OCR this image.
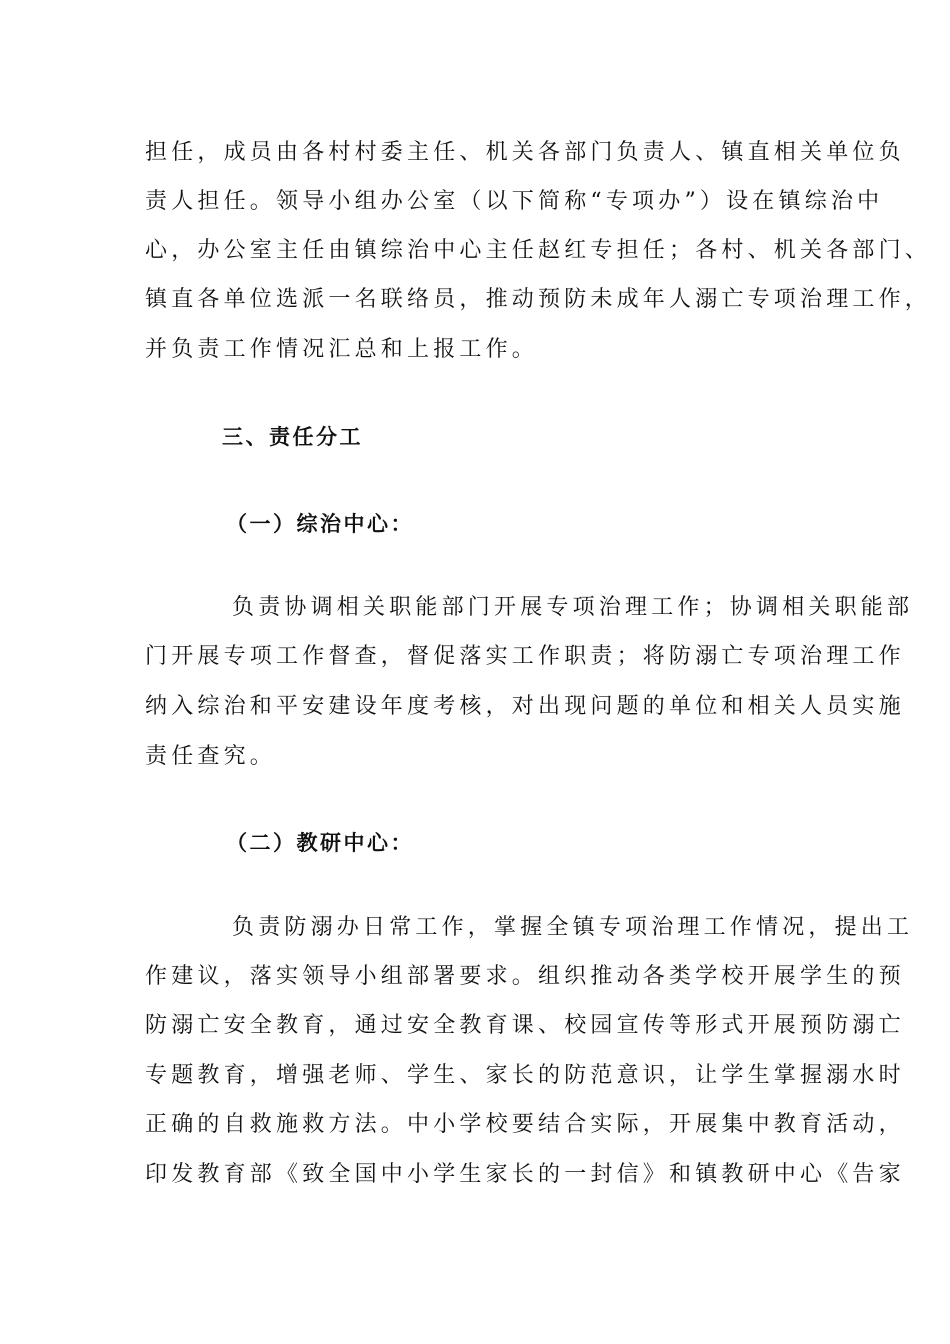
担任，成员由各村村委主任、机关各部门负责人、镇直相关单位负
责人担任。领导小组办公室（以下简称“专项办”）设在镇综治中
心，办公室主任由镇综治中心主任赵红专担任；各村、机关各部门、
镇直各单位选派一名联络员，推动预防未成年人溺亡专项治理工作，
并负责工作情况汇总和上报工作。
三、责任分工
（一）综治中心：
负责协调相关职能部门开展专项治理工作；协调相关职能部
门开展专项工作督查，督促落实工作职责；将防溺亡专项治理工作
纳入综治和平安建设年度考核，对出现问题的单位和相关人员实施
责任查究。
（二）教研中心：
负责防溺办日常工作，掌握全镇专项治理工作情况，提出工
作建议，落实领导小组部署要求。组织推动各类学校开展学生的预
防溺亡安全教育，通过安全教育课、校园宣传等形式开展预防溺亡
专题教育，增强老师、学生、家长的防范意识，让学生掌握溺水时
正确的自救施救方法。中小学校要结合实际，开展集中教育活动，
印发教育部《致全国中小学生家长的一封信》和镇教研中心《告家
